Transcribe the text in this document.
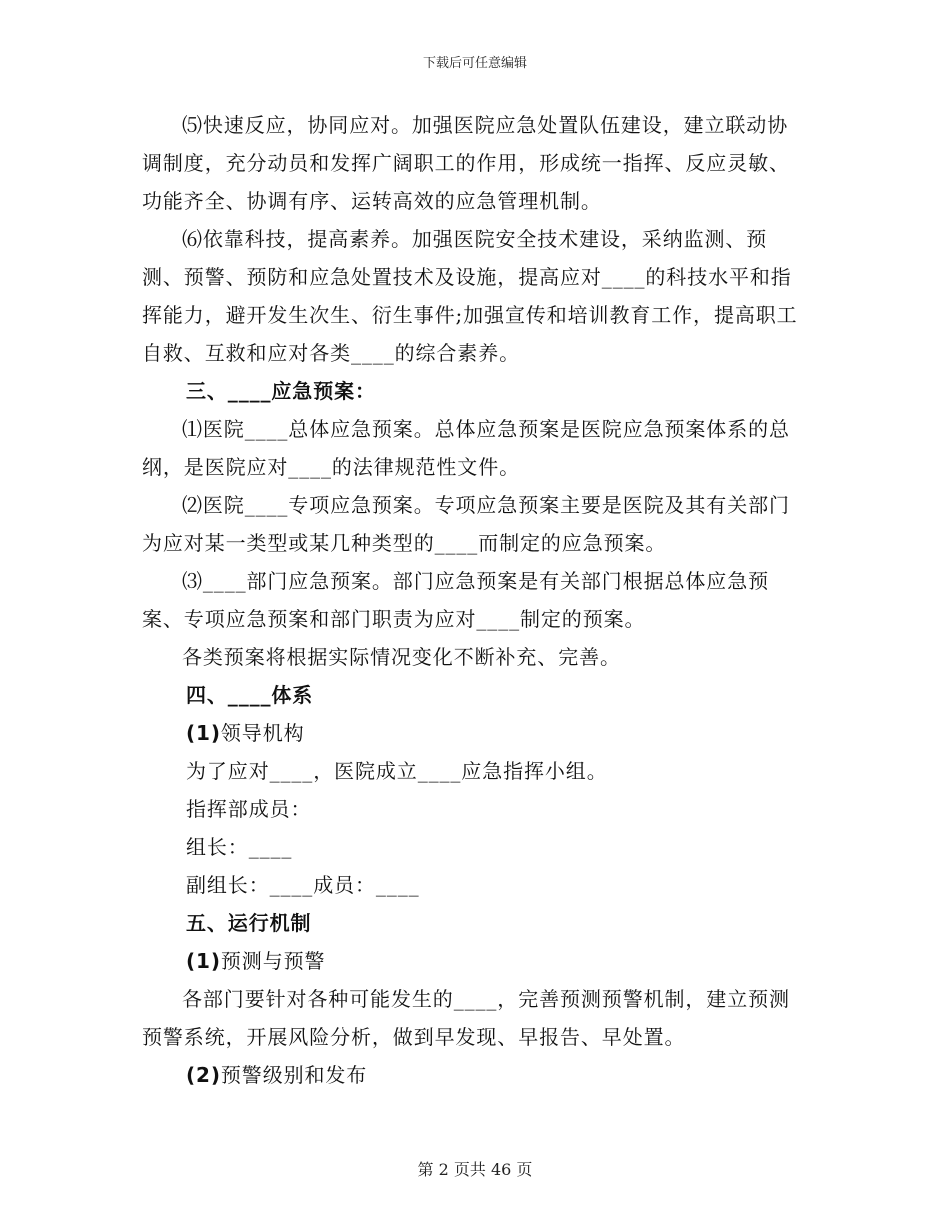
下载后可任意编辑

⑸快速反应，协同应对。加强医院应急处置队伍建设，建立联动协调制度，充分动员和发挥广阔职工的作用，形成统一指挥、反应灵敏、功能齐全、协调有序、运转高效的应急管理机制。

⑹依靠科技，提高素养。加强医院安全技术建设，采纳监测、预测、预警、预防和应急处置技术及设施，提高应对____的科技水平和指挥能力，避开发生次生、衍生事件;加强宣传和培训教育工作，提高职工自救、互救和应对各类____的综合素养。

三、____应急预案：

⑴医院____总体应急预案。总体应急预案是医院应急预案体系的总纲，是医院应对____的法律规范性文件。

⑵医院____专项应急预案。专项应急预案主要是医院及其有关部门为应对某一类型或某几种类型的____而制定的应急预案。

⑶____部门应急预案。部门应急预案是有关部门根据总体应急预案、专项应急预案和部门职责为应对____制定的预案。

各类预案将根据实际情况变化不断补充、完善。

四、____体系

(1)领导机构

为了应对____，医院成立____应急指挥小组。

指挥部成员：

组长：____

副组长：____成员：____

五、运行机制

(1)预测与预警

各部门要针对各种可能发生的____，完善预测预警机制，建立预测预警系统，开展风险分析，做到早发现、早报告、早处置。

(2)预警级别和发布

第 2 页共 46 页
